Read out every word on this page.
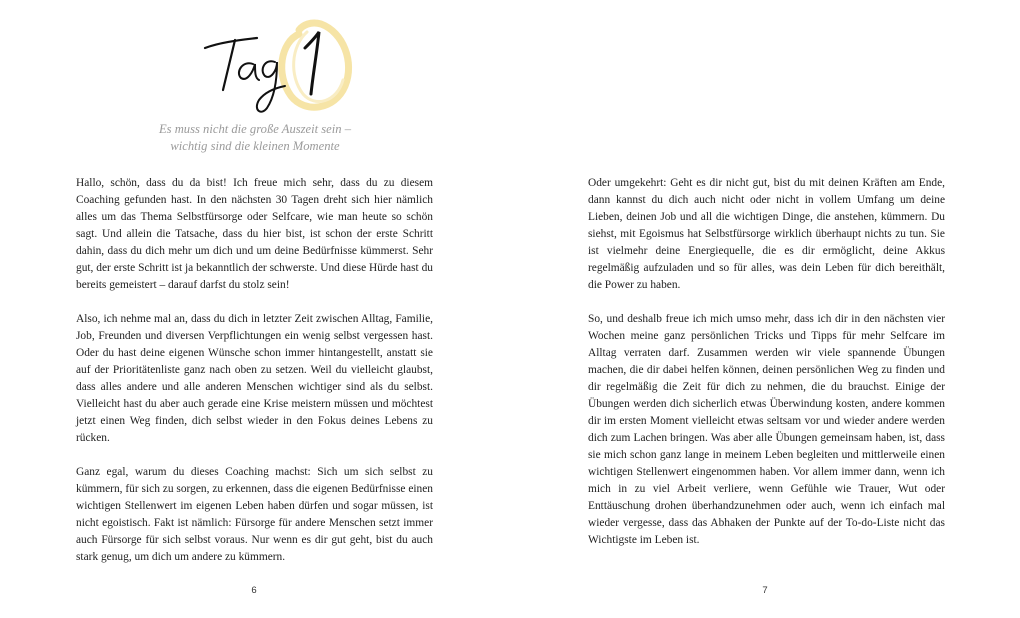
Es muss nicht die große Auszeit sein –
wichtig sind die kleinen Momente

Hallo, schön, dass du da bist! Ich freue mich sehr, dass du zu diesem Coaching gefunden hast. In den nächsten 30 Tagen dreht sich hier nämlich alles um das Thema Selbstfürsorge oder Selfcare, wie man heute so schön sagt. Und allein die Tatsache, dass du hier bist, ist schon der erste Schritt dahin, dass du dich mehr um dich und um deine Bedürfnisse kümmerst. Sehr gut, der erste Schritt ist ja bekanntlich der schwerste. Und diese Hürde hast du bereits gemeistert – darauf darfst du stolz sein!

Also, ich nehme mal an, dass du dich in letzter Zeit zwischen Alltag, Familie, Job, Freunden und diversen Verpflichtungen ein wenig selbst vergessen hast. Oder du hast deine eigenen Wünsche schon immer hintangestellt, anstatt sie auf der Prioritätenliste ganz nach oben zu setzen. Weil du vielleicht glaubst, dass alles andere und alle anderen Menschen wichtiger sind als du selbst. Vielleicht hast du aber auch gerade eine Krise meistern müssen und möchtest jetzt einen Weg finden, dich selbst wieder in den Fokus deines Lebens zu rücken.

Ganz egal, warum du dieses Coaching machst: Sich um sich selbst zu kümmern, für sich zu sorgen, zu erkennen, dass die eigenen Bedürfnisse einen wichtigen Stellenwert im eigenen Leben haben dürfen und sogar müssen, ist nicht egoistisch. Fakt ist nämlich: Fürsorge für andere Menschen setzt immer auch Fürsorge für sich selbst voraus. Nur wenn es dir gut geht, bist du auch stark genug, um dich um andere zu kümmern.

6

Oder umgekehrt: Geht es dir nicht gut, bist du mit deinen Kräften am Ende, dann kannst du dich auch nicht oder nicht in vollem Umfang um deine Lieben, deinen Job und all die wichtigen Dinge, die anstehen, kümmern. Du siehst, mit Egoismus hat Selbstfürsorge wirklich überhaupt nichts zu tun. Sie ist vielmehr deine Energiequelle, die es dir ermöglicht, deine Akkus regelmäßig aufzuladen und so für alles, was dein Leben für dich bereithält, die Power zu haben.

So, und deshalb freue ich mich umso mehr, dass ich dir in den nächsten vier Wochen meine ganz persönlichen Tricks und Tipps für mehr Selfcare im Alltag verraten darf. Zusammen werden wir viele spannende Übungen machen, die dir dabei helfen können, deinen persönlichen Weg zu finden und dir regelmäßig die Zeit für dich zu nehmen, die du brauchst. Einige der Übungen werden dich sicherlich etwas Überwindung kosten, andere kommen dir im ersten Moment vielleicht etwas seltsam vor und wieder andere werden dich zum Lachen bringen. Was aber alle Übungen gemeinsam haben, ist, dass sie mich schon ganz lange in meinem Leben begleiten und mittlerweile einen wichtigen Stellenwert eingenommen haben. Vor allem immer dann, wenn ich mich in zu viel Arbeit verliere, wenn Gefühle wie Trauer, Wut oder Enttäuschung drohen überhandzunehmen oder auch, wenn ich einfach mal wieder vergesse, dass das Abhaken der Punkte auf der To-do-Liste nicht das Wichtigste im Leben ist.

7
